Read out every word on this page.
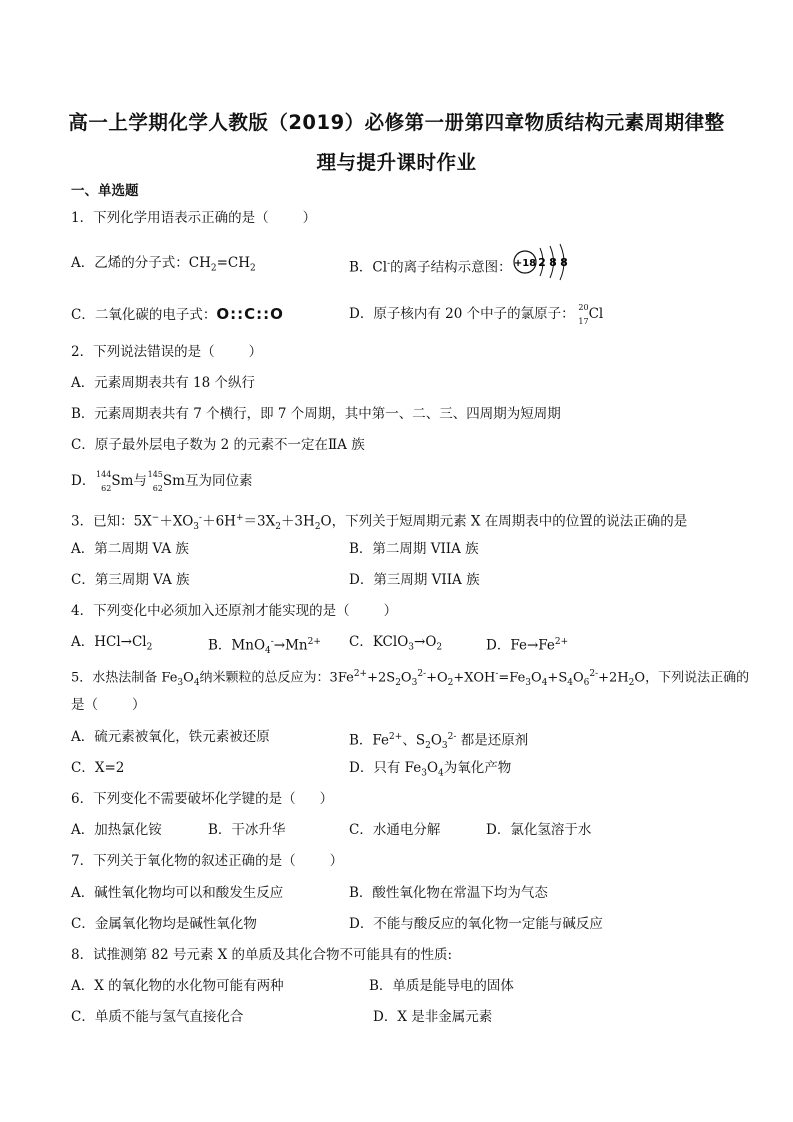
高一上学期化学人教版（2019）必修第一册第四章物质结构元素周期律整
理与提升课时作业
一、单选题
1．下列化学用语表示正确的是（	）
A．乙烯的分子式：$CH_2=CH_2$	B．Cl-的离子结构示意图： +18 2 8 8
C．二氧化碳的电子式：O::C::O	D．原子核内有 20 个中子的氯原子： 20
17 Cl
2．下列说法错误的是（	）
A．元素周期表共有 18 个纵行
B．元素周期表共有 7 个横行，即 7 个周期，其中第一、二、三、四周期为短周期
C．原子最外层电子数为 2 的元素不一定在ⅡA 族
D． 144
62 Sm与 145
62 Sm互为同位素
3．已知：$5X^-+XO_3^-+6H^+=3X_2+3H_2O$，下列关于短周期元素 X 在周期表中的位置的说法正确的是
A．第二周期 VA 族	B．第二周期 VIIA 族
C．第三周期 VA 族	D．第三周期 VIIA 族
4．下列变化中必须加入还原剂才能实现的是（	）
A．$HCl\to Cl_2$	B．$MnO_4^-\to Mn^{2+}$ C．$KClO_3\to O_2$	D．$Fe\to Fe^{2+}$
5．水热法制备 $Fe_3O_4$纳米颗粒的总反应为：$3Fe^{2+}+2S_2O_3^{2-}+O_2+XOH^-=Fe_3O_4+S_4O_6^{2-}+2H_2O$，下列说法正确的
是（	）
A．硫元素被氧化，铁元素被还原	B．$Fe^{2+}$、$S_2O_3^{2-}$ 都是还原剂
C．X=2	D．只有 $Fe_3O_4$为氧化产物
6．下列变化不需要破坏化学键的是（ ）
A．加热氯化铵	B．干冰升华	C．水通电分解	D．氯化氢溶于水
7．下列关于氧化物的叙述正确的是（	）
A．碱性氧化物均可以和酸发生反应	B．酸性氧化物在常温下均为气态
C．金属氧化物均是碱性氧化物	D．不能与酸反应的氧化物一定能与碱反应
8．试推测第 82 号元素 X 的单质及其化合物不可能具有的性质:
A．X 的氧化物的水化物可能有两种	B．单质是能导电的固体
C．单质不能与氢气直接化合	D．X 是非金属元素
